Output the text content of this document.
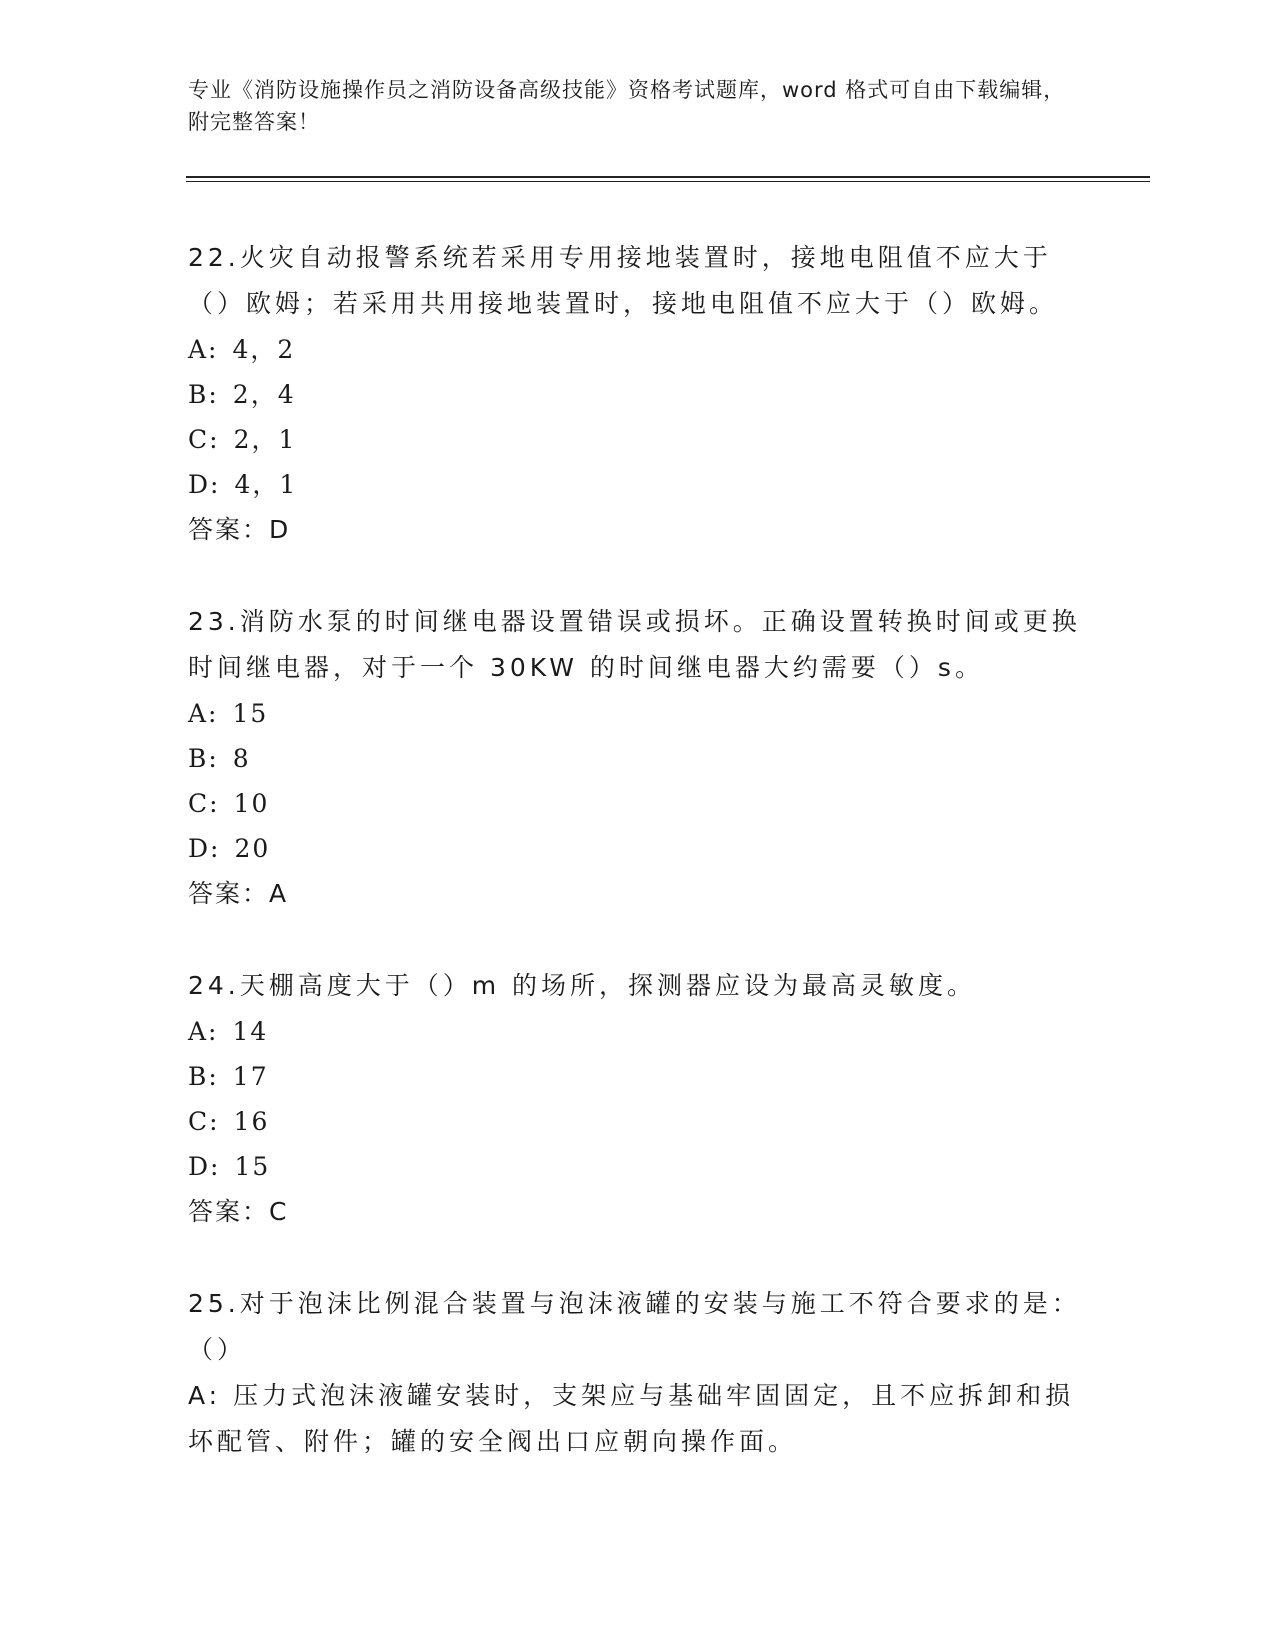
专业《消防设施操作员之消防设备高级技能》资格考试题库，word 格式可自由下载编辑，附完整答案！

22.火灾自动报警系统若采用专用接地装置时，接地电阻值不应大于（）欧姆；若采用共用接地装置时，接地电阻值不应大于（）欧姆。

A: 4，2

B: 2，4

C: 2，1

D: 4，1

答案：D

23.消防水泵的时间继电器设置错误或损坏。正确设置转换时间或更换时间继电器，对于一个 30KW 的时间继电器大约需要（）s。

A: 15

B: 8

C: 10

D: 20

答案：A

24.天棚高度大于（）m 的场所，探测器应设为最高灵敏度。

A: 14

B: 17

C: 16

D: 15

答案：C

25.对于泡沫比例混合装置与泡沫液罐的安装与施工不符合要求的是：（）

A: 压力式泡沫液罐安装时，支架应与基础牢固固定，且不应拆卸和损坏配管、附件；罐的安全阀出口应朝向操作面。
